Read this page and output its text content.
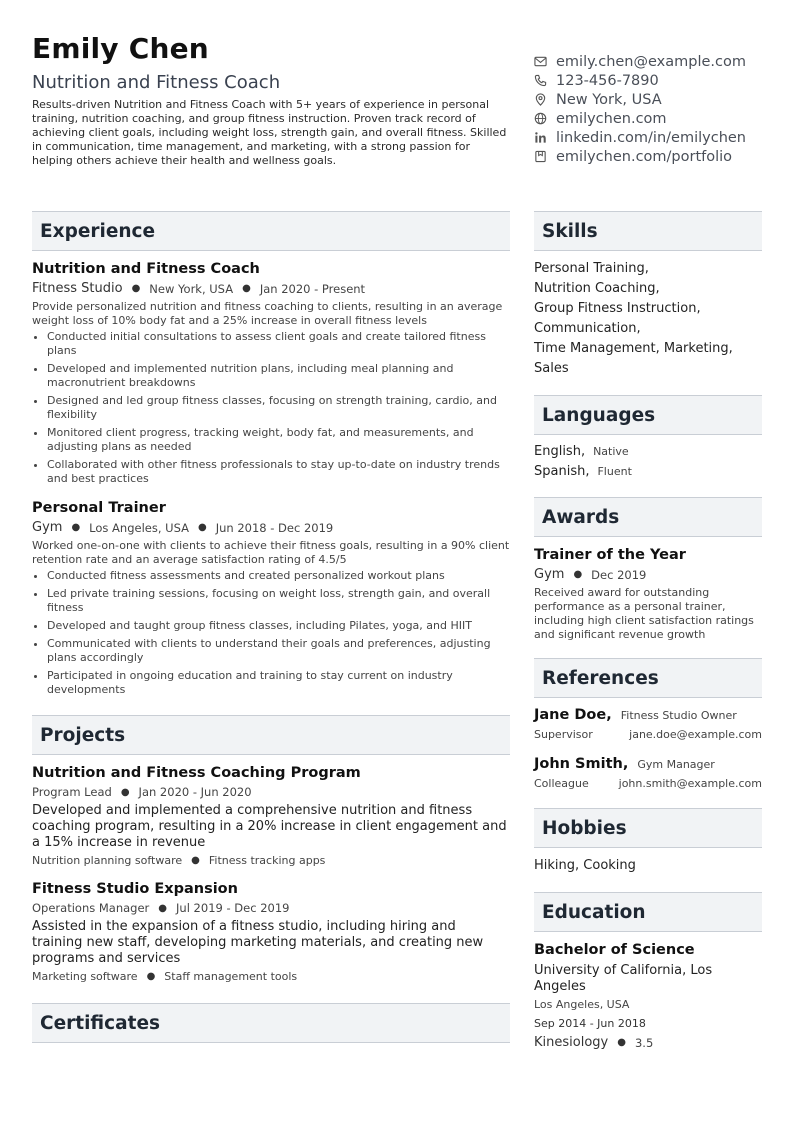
Emily Chen
Nutrition and Fitness Coach
Results-driven Nutrition and Fitness Coach with 5+ years of experience in personal training, nutrition coaching, and group fitness instruction. Proven track record of achieving client goals, including weight loss, strength gain, and overall fitness. Skilled in communication, time management, and marketing, with a strong passion for helping others achieve their health and wellness goals.
emily.chen@example.com
123-456-7890
New York, USA
emilychen.com
linkedin.com/in/emilychen
emilychen.com/portfolio
Experience
Nutrition and Fitness Coach
Fitness Studio ● New York, USA ● Jan 2020 - Present
Provide personalized nutrition and fitness coaching to clients, resulting in an average weight loss of 10% body fat and a 25% increase in overall fitness levels
• Conducted initial consultations to assess client goals and create tailored fitness plans
• Developed and implemented nutrition plans, including meal planning and macronutrient breakdowns
• Designed and led group fitness classes, focusing on strength training, cardio, and flexibility
• Monitored client progress, tracking weight, body fat, and measurements, and adjusting plans as needed
• Collaborated with other fitness professionals to stay up-to-date on industry trends and best practices
Personal Trainer
Gym ● Los Angeles, USA ● Jun 2018 - Dec 2019
Worked one-on-one with clients to achieve their fitness goals, resulting in a 90% client retention rate and an average satisfaction rating of 4.5/5
• Conducted fitness assessments and created personalized workout plans
• Led private training sessions, focusing on weight loss, strength gain, and overall fitness
• Developed and taught group fitness classes, including Pilates, yoga, and HIIT
• Communicated with clients to understand their goals and preferences, adjusting plans accordingly
• Participated in ongoing education and training to stay current on industry developments
Projects
Nutrition and Fitness Coaching Program
Program Lead ● Jan 2020 - Jun 2020
Developed and implemented a comprehensive nutrition and fitness coaching program, resulting in a 20% increase in client engagement and a 15% increase in revenue
Nutrition planning software ● Fitness tracking apps
Fitness Studio Expansion
Operations Manager ● Jul 2019 - Dec 2019
Assisted in the expansion of a fitness studio, including hiring and training new staff, developing marketing materials, and creating new programs and services
Marketing software ● Staff management tools
Certificates
Skills
Personal Training,
Nutrition Coaching,
Group Fitness Instruction,
Communication,
Time Management, Marketing,
Sales
Languages
English, Native
Spanish, Fluent
Awards
Trainer of the Year
Gym ● Dec 2019
Received award for outstanding performance as a personal trainer, including high client satisfaction ratings and significant revenue growth
References
Jane Doe, Fitness Studio Owner
Supervisor	jane.doe@example.com
John Smith, Gym Manager
Colleague	john.smith@example.com
Hobbies
Hiking, Cooking
Education
Bachelor of Science
University of California, Los Angeles
Los Angeles, USA
Sep 2014 - Jun 2018
Kinesiology ● 3.5
